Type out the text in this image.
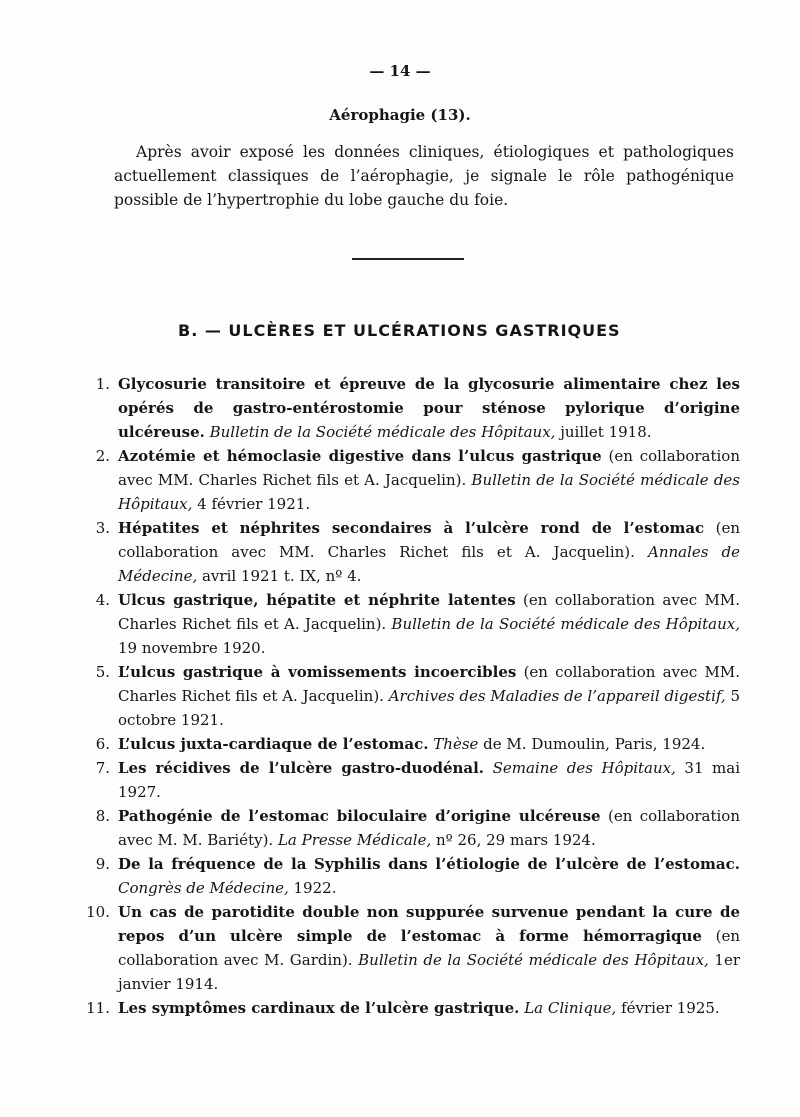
— 14 —
Aérophagie (13).

Après avoir exposé les données cliniques, étiologiques et pathologiques actuellement classiques de l’aérophagie, je signale le rôle pathogénique possible de l’hypertrophie du lobe gauche du foie.

B. — ULCÈRES ET ULCÉRATIONS GASTRIQUES
1. Glycosurie transitoire et épreuve de la glycosurie alimentaire chez les opérés de gastro-entérostomie pour sténose pylorique d’origine ulcéreuse. Bulletin de la Société médicale des Hôpitaux, juillet 1918.
2. Azotémie et hémoclasie digestive dans l’ulcus gastrique (en collaboration avec MM. Charles Richet fils et A. Jacquelin). Bulletin de la Société médicale des Hôpitaux, 4 février 1921.
3. Hépatites et néphrites secondaires à l’ulcère rond de l’estomac (en collaboration avec MM. Charles Richet fils et A. Jacquelin). Annales de Médecine, avril 1921 t. IX, nº 4.
4. Ulcus gastrique, hépatite et néphrite latentes (en collaboration avec MM. Charles Richet fils et A. Jacquelin). Bulletin de la Société médicale des Hôpitaux, 19 novembre 1920.
5. L’ulcus gastrique à vomissements incoercibles (en collaboration avec MM. Charles Richet fils et A. Jacquelin). Archives des Maladies de l’appareil digestif, 5 octobre 1921.
6. L’ulcus juxta-cardiaque de l’estomac. Thèse de M. Dumoulin, Paris, 1924.
7. Les récidives de l’ulcère gastro-duodénal. Semaine des Hôpitaux, 31 mai 1927.
8. Pathogénie de l’estomac biloculaire d’origine ulcéreuse (en collaboration avec M. M. Bariéty). La Presse Médicale, nº 26, 29 mars 1924.
9. De la fréquence de la Syphilis dans l’étiologie de l’ulcère de l’estomac. Congrès de Médecine, 1922.
10. Un cas de parotidite double non suppurée survenue pendant la cure de repos d’un ulcère simple de l’estomac à forme hémorragique (en collaboration avec M. Gardin). Bulletin de la Société médicale des Hôpitaux, 1er janvier 1914.
11. Les symptômes cardinaux de l’ulcère gastrique. La Clinique, février 1925.
